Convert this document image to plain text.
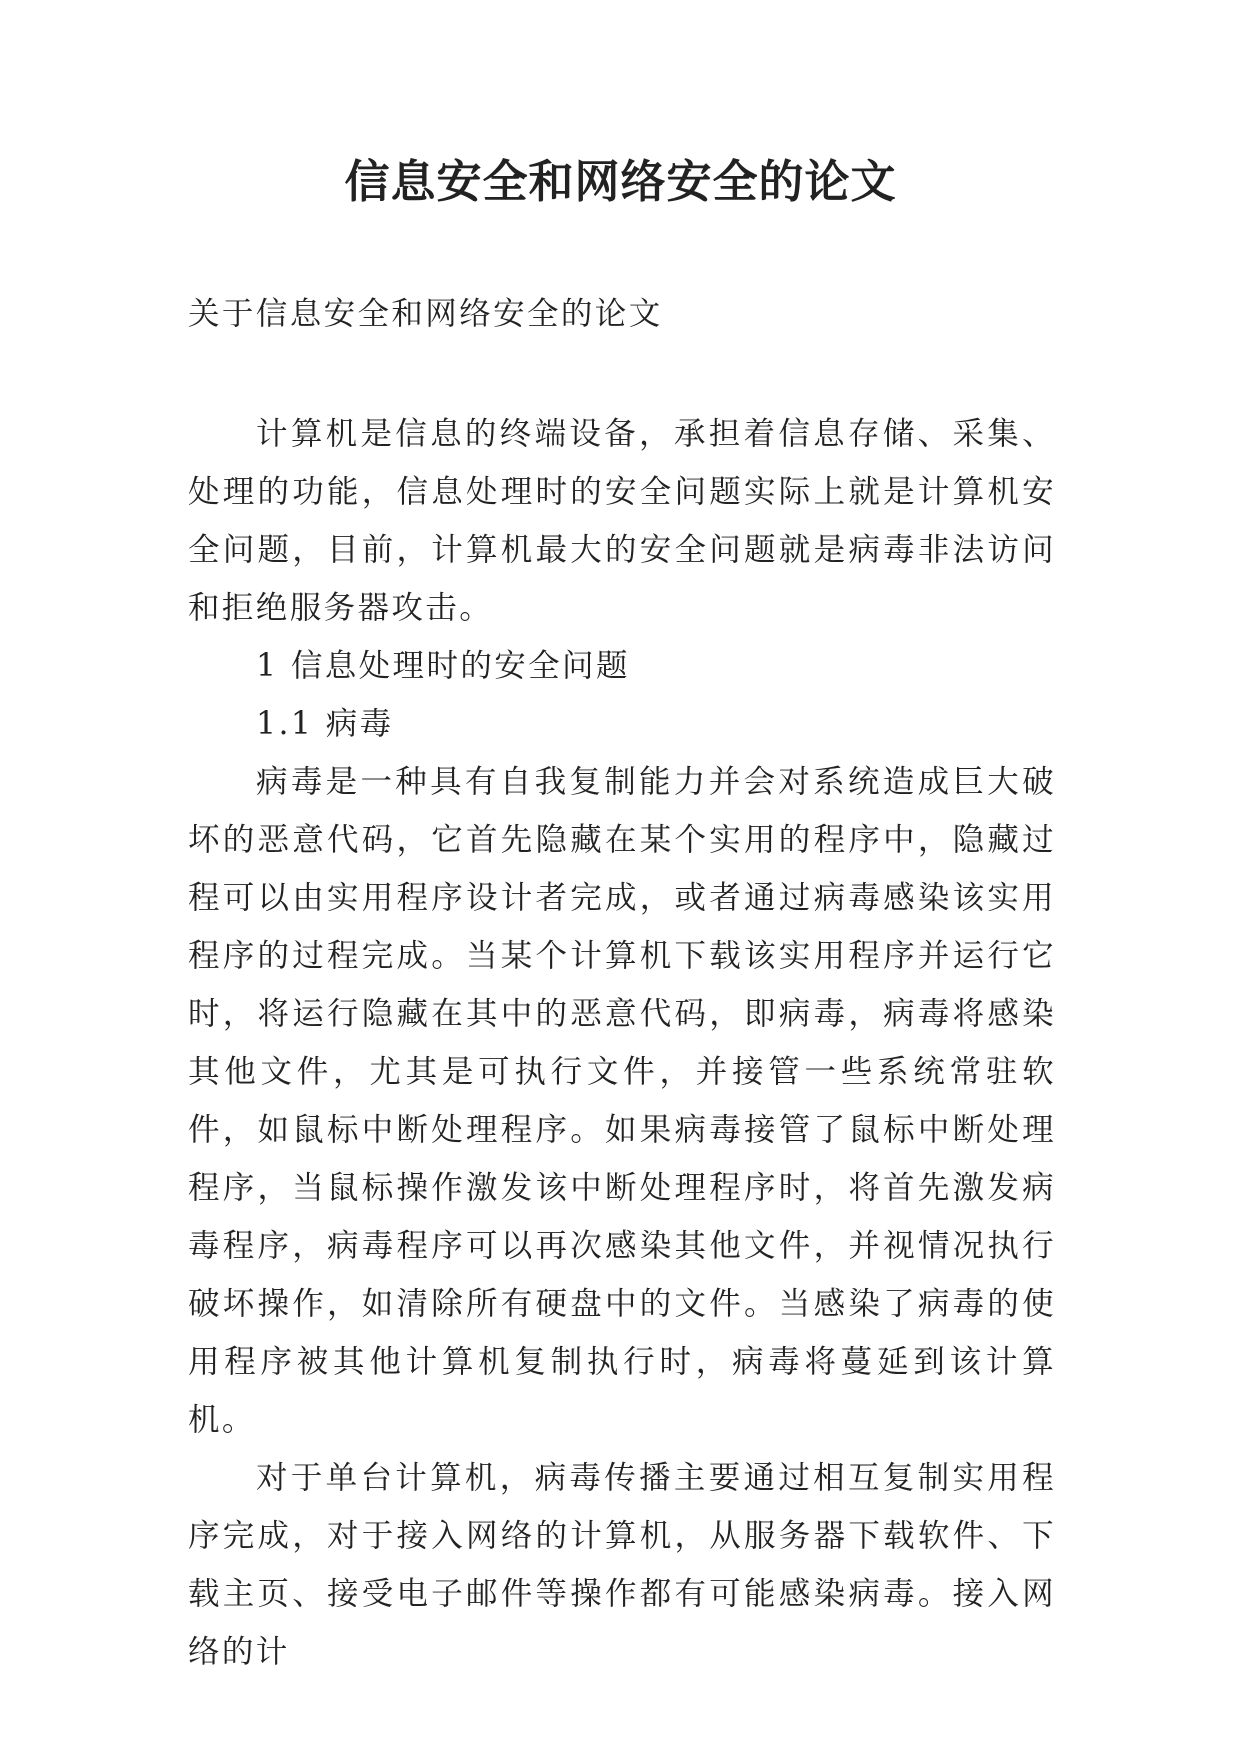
信息安全和网络安全的论文
关于信息安全和网络安全的论文

计算机是信息的终端设备，承担着信息存储、采集、处理的功能，信息处理时的安全问题实际上就是计算机安全问题，目前，计算机最大的安全问题就是病毒非法访问和拒绝服务器攻击。

1 信息处理时的安全问题

1.1 病毒

病毒是一种具有自我复制能力并会对系统造成巨大破坏的恶意代码，它首先隐藏在某个实用的程序中，隐藏过程可以由实用程序设计者完成，或者通过病毒感染该实用程序的过程完成。当某个计算机下载该实用程序并运行它时，将运行隐藏在其中的恶意代码，即病毒，病毒将感染其他文件，尤其是可执行文件，并接管一些系统常驻软件，如鼠标中断处理程序。如果病毒接管了鼠标中断处理程序，当鼠标操作激发该中断处理程序时，将首先激发病毒程序，病毒程序可以再次感染其他文件，并视情况执行破坏操作，如清除所有硬盘中的文件。当感染了病毒的使用程序被其他计算机复制执行时，病毒将蔓延到该计算机。

对于单台计算机，病毒传播主要通过相互复制实用程序完成，对于接入网络的计算机，从服务器下载软件、下载主页、接受电子邮件等操作都有可能感染病毒。接入网络的计
